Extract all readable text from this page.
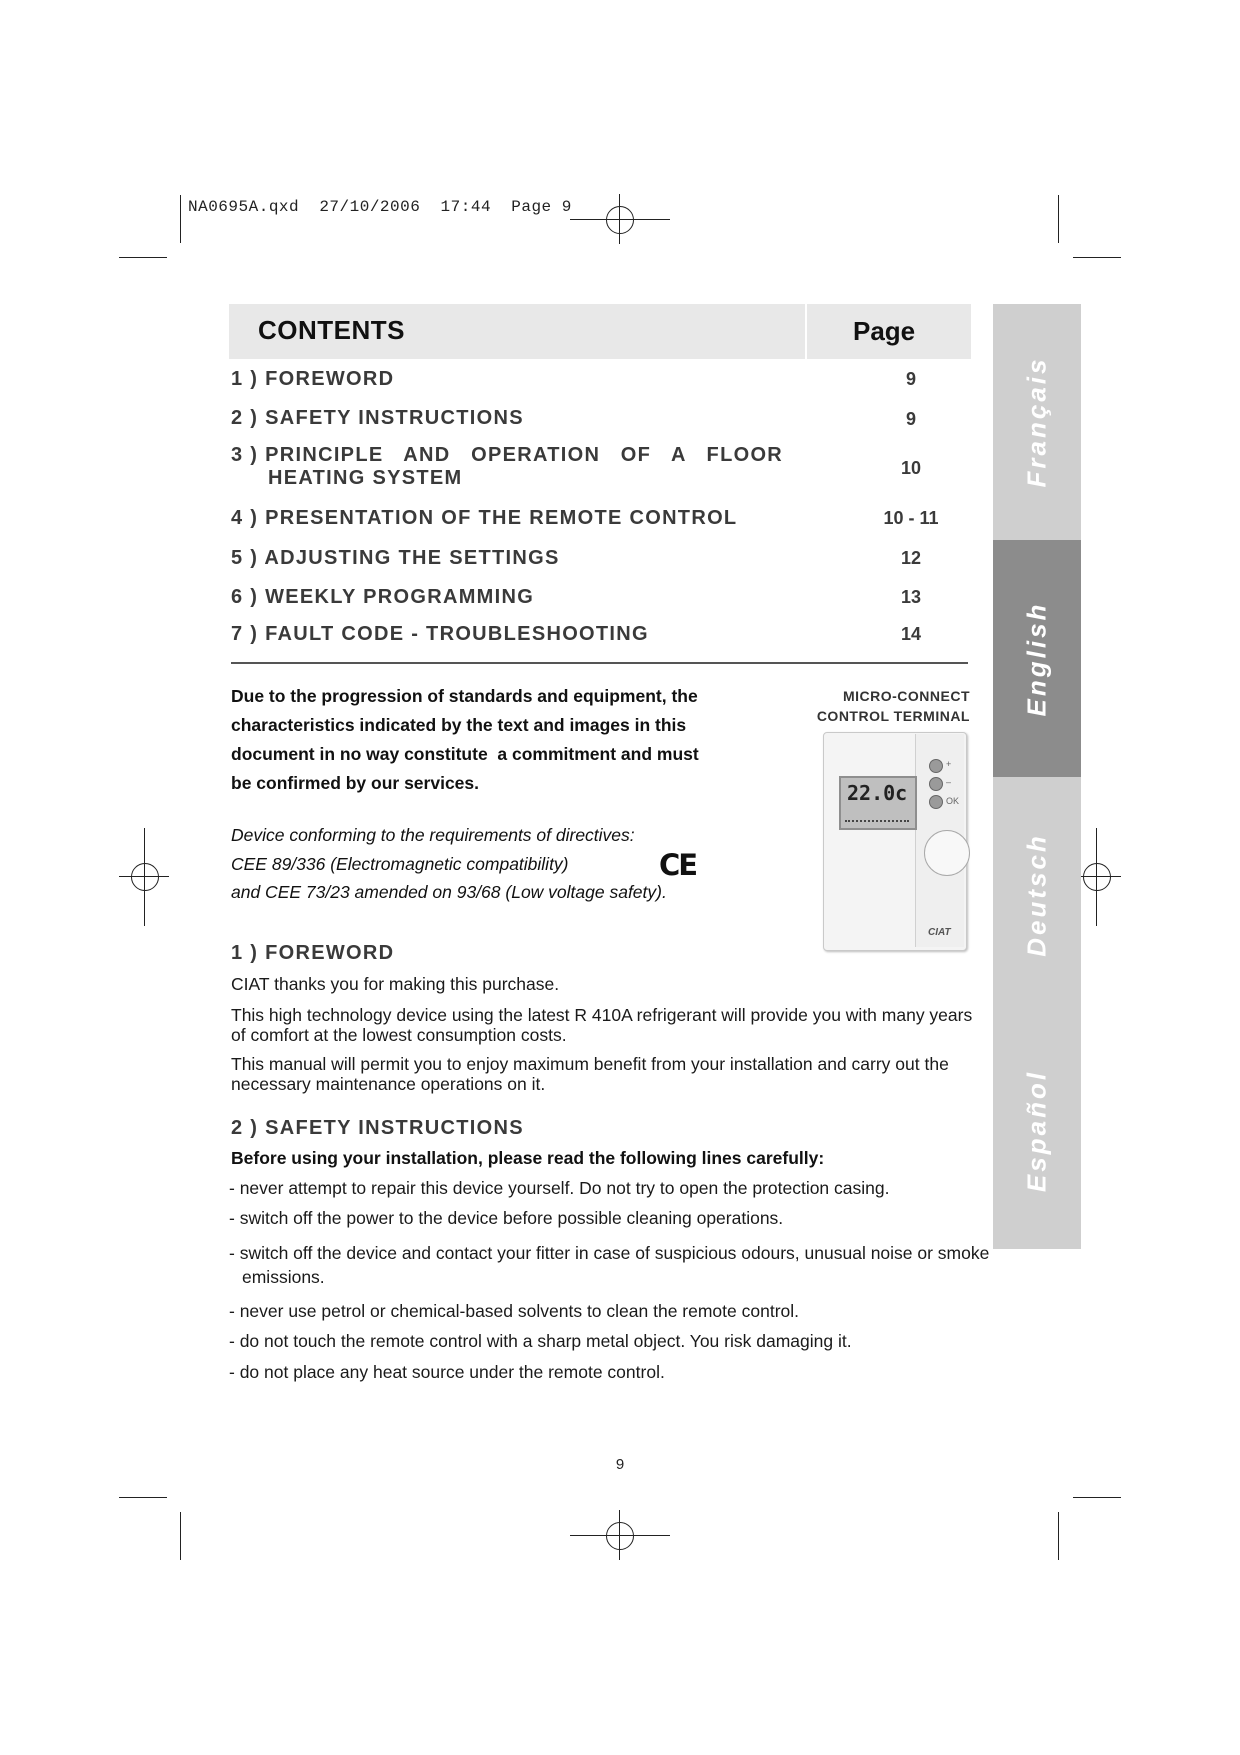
NA0695A.qxd  27/10/2006  17:44  Page 9
CONTENTS	Page
1 ) FOREWORD	9
2 ) SAFETY INSTRUCTIONS	9
3 ) PRINCIPLE   AND   OPERATION   OF   A   FLOOR
HEATING SYSTEM	10
4 ) PRESENTATION OF THE REMOTE CONTROL	10 - 11
5 ) ADJUSTING THE SETTINGS	12
6 ) WEEKLY PROGRAMMING	13
7 ) FAULT CODE - TROUBLESHOOTING	14
Due to the progression of standards and equipment, the
characteristics indicated by the text and images in this
document in no way constitute  a commitment and must
be confirmed by our services.
Device conforming to the requirements of directives:
CEE 89/336 (Electromagnetic compatibility)
and CEE 73/23 amended on 93/68 (Low voltage safety).
CE
MICRO-CONNECT
CONTROL TERMINAL
22.0c
+
–
OK
CIAT
1 ) FOREWORD
CIAT thanks you for making this purchase.
This high technology device using the latest R 410A refrigerant will provide you with many years of comfort at the lowest consumption costs.
This manual will permit you to enjoy maximum benefit from your installation and carry out the necessary maintenance operations on it.
2 ) SAFETY INSTRUCTIONS
Before using your installation, please read the following lines carefully:
- never attempt to repair this device yourself. Do not try to open the protection casing.
- switch off the power to the device before possible cleaning operations.
- switch off the device and contact your fitter in case of suspicious odours, unusual noise or smoke emissions.
- never use petrol or chemical-based solvents to clean the remote control.
- do not touch the remote control with a sharp metal object. You risk damaging it.
- do not place any heat source under the remote control.
9
Français
English
Deutsch
Español
